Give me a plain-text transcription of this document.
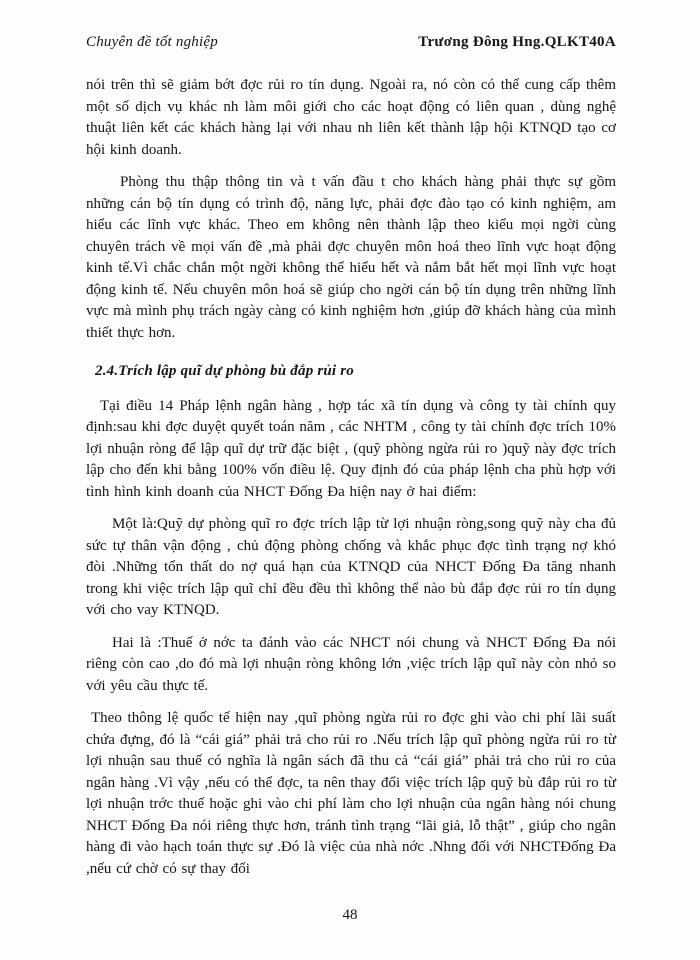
Chuyên đề tốt nghiệp	Trương Đông Hng.QLKT40A

nói trên thì sẽ giảm bớt đợc rủi ro tín dụng. Ngoài ra, nó còn có thể cung cấp thêm một số dịch vụ khác nh làm môi giới cho các hoạt động có liên quan , dùng nghệ thuật liên kết các khách hàng lại với nhau nh liên kết thành lập hội KTNQD tạo cơ hội kinh doanh.

Phòng thu thập thông tin và t vấn đầu t cho khách hàng phải thực sự gồm những cán bộ tín dụng có trình độ, năng lực, phải đợc đào tạo có kinh nghiệm, am hiểu các lĩnh vực khác. Theo em không nên thành lập theo kiểu mọi ngời cùng chuyên trách về mọi vấn đề ,mà phải đợc chuyên môn hoá theo lĩnh vực hoạt động kinh tế.Vì chắc chắn một ngời không thể hiểu hết và nắm bắt hết mọi lĩnh vực hoạt động kinh tế. Nếu chuyên môn hoá sẽ giúp cho ngời cán bộ tín dụng trên những lĩnh vực mà mình phụ trách ngày càng có kinh nghiệm hơn ,giúp đỡ khách hàng của mình thiết thực hơn.

2.4.Trích lập quĩ dự phòng bù đắp rủi ro

Tại điều 14 Pháp lệnh ngân hàng , hợp tác xã tín dụng và công ty tài chính quy định:sau khi đợc duyệt quyết toán năm , các NHTM , công ty tài chính đợc trích 10% lợi nhuận ròng để lập quĩ dự trữ đặc biệt , (quỹ phòng ngừa rủi ro )quỹ này đợc trích lập cho đến khi bằng 100% vốn điều lệ. Quy định đó của pháp lệnh cha phù hợp với tình hình kinh doanh của NHCT Đống Đa hiện nay ở hai điểm:

Một là:Quỹ dự phòng quĩ ro đợc trích lập từ lợi nhuận ròng,song quỹ này cha đủ sức tự thân vận động , chủ động phòng chống và khắc phục đợc tình trạng nợ khó đòi .Những tổn thất do nợ quá hạn của KTNQD của NHCT Đống Đa tăng nhanh trong khi việc trích lập quĩ chỉ đều đều thì không thể nào bù đắp đợc rủi ro tín dụng với cho vay KTNQD.

Hai là :Thuế ở nớc ta đánh vào các NHCT nói chung và NHCT Đống Đa nói riêng còn cao ,do đó mà lợi nhuận ròng không lớn ,việc trích lập quĩ này còn nhỏ so với yêu cầu thực tế.

Theo thông lệ quốc tế hiện nay ,quĩ phòng ngừa rủi ro đợc ghi vào chi phí lãi suất chứa đựng, đó là “cái giá” phải trả cho rủi ro .Nếu trích lập quĩ phòng ngừa rủi ro từ lợi nhuận sau thuế có nghĩa là ngân sách đã thu cả “cái giá” phải trả cho rủi ro của ngân hàng .Vì vậy ,nếu có thể đợc, ta nên thay đổi việc trích lập quỹ bù đắp rủi ro từ lợi nhuận trớc thuế hoặc ghi vào chi phí làm cho lợi nhuận của ngân hàng nói chung NHCT Đống Đa nói riêng thực hơn, tránh tình trạng “lãi giả, lỗ thật” , giúp cho ngân hàng đi vào hạch toán thực sự .Đó là việc của nhà nớc .Nhng đối với NHCTĐống Đa ,nếu cứ chờ có sự thay đổi

48
